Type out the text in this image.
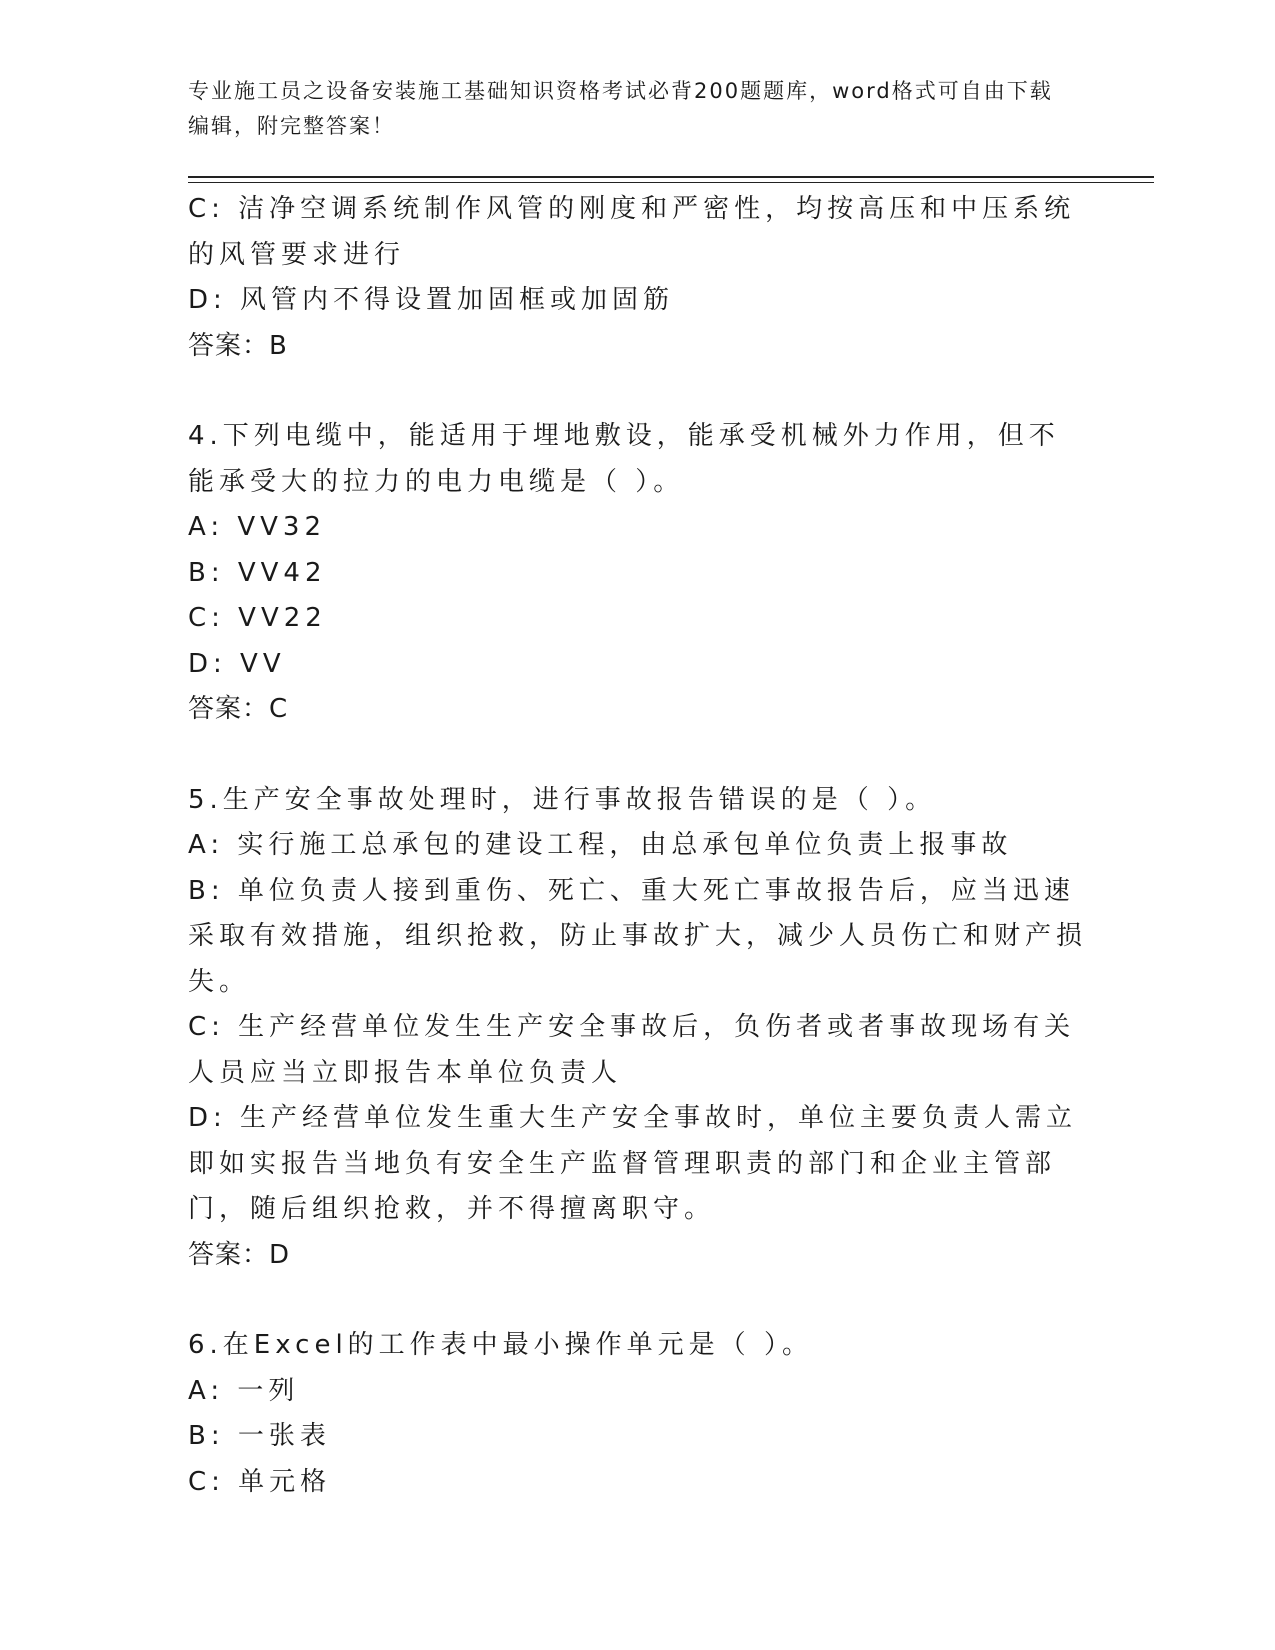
专业施工员之设备安装施工基础知识资格考试必背200题题库，word格式可自由下载编辑，附完整答案！

C: 洁净空调系统制作风管的刚度和严密性，均按高压和中压系统的风管要求进行

D: 风管内不得设置加固框或加固筋

答案：B

4.下列电缆中，能适用于埋地敷设，能承受机械外力作用，但不能承受大的拉力的电力电缆是（ ）。

A: VV32

B: VV42

C: VV22

D: VV

答案：C

5.生产安全事故处理时，进行事故报告错误的是（ ）。

A: 实行施工总承包的建设工程，由总承包单位负责上报事故

B: 单位负责人接到重伤、死亡、重大死亡事故报告后，应当迅速采取有效措施，组织抢救，防止事故扩大，减少人员伤亡和财产损失。

C: 生产经营单位发生生产安全事故后，负伤者或者事故现场有关人员应当立即报告本单位负责人

D: 生产经营单位发生重大生产安全事故时，单位主要负责人需立即如实报告当地负有安全生产监督管理职责的部门和企业主管部门，随后组织抢救，并不得擅离职守。

答案：D

6.在Excel的工作表中最小操作单元是（ ）。

A: 一列

B: 一张表

C: 单元格
